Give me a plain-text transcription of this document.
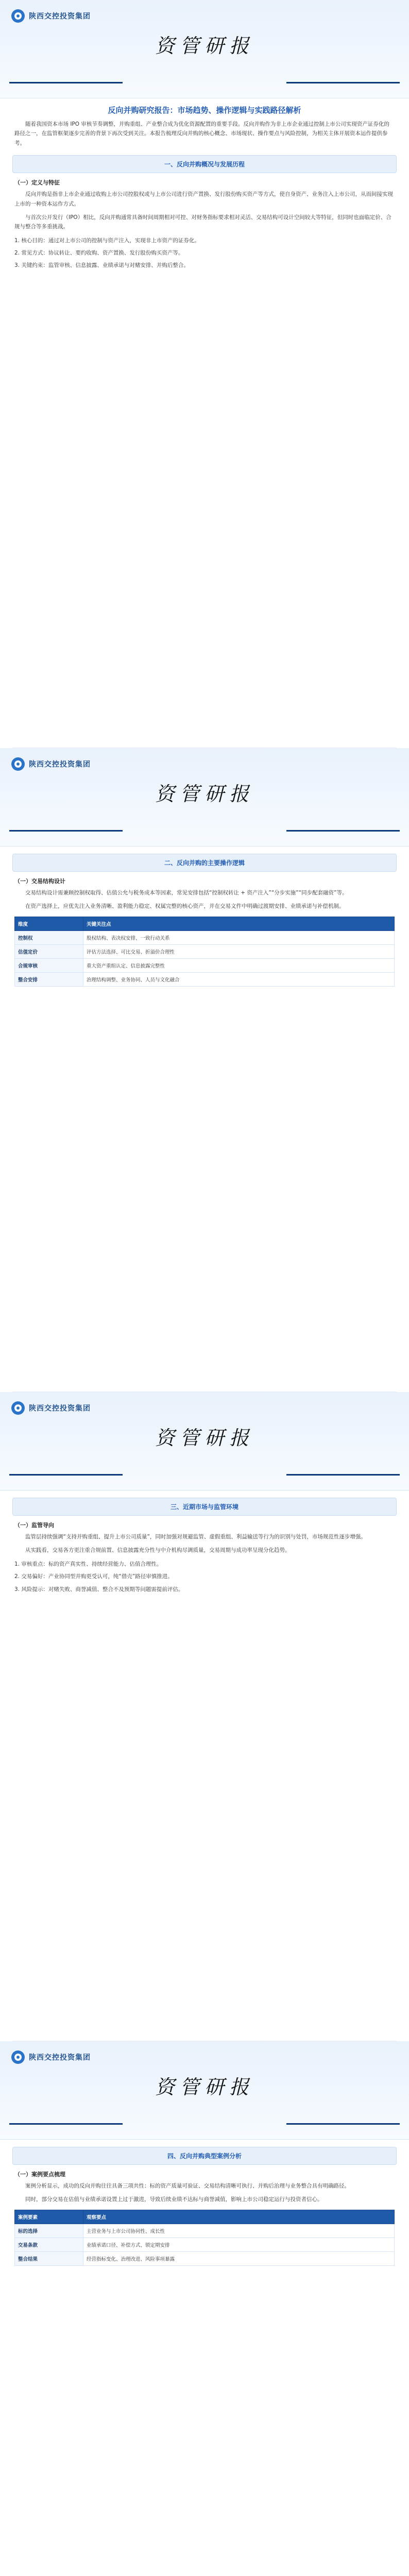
陕西交控投资集团
资管研报
反向并购研究报告：市场趋势、操作逻辑与实践路径解析
随着我国资本市场 IPO 审核节奏调整，并购重组、产业整合成为优化资源配置的重要手段。反向并购作为非上市企业通过控制上市公司实现资产证券化的路径之一，在监管框架逐步完善的背景下再次受到关注。本报告梳理反向并购的核心概念、市场现状、操作要点与风险控制，为相关主体开展资本运作提供参考。
一、反向并购概况与发展历程
（一）定义与特征
反向并购是指非上市企业通过收购上市公司控股权或与上市公司进行资产置换、发行股份购买资产等方式，使自身资产、业务注入上市公司，从而间接实现上市的一种资本运作方式。
与首次公开发行（IPO）相比，反向并购通常具备时间周期相对可控、对财务指标要求相对灵活、交易结构可设计空间较大等特征，但同时也面临定价、合规与整合等多重挑战。
1. 核心目的：通过对上市公司的控制与资产注入，实现非上市资产的证券化。
2. 常见方式：协议转让、要约收购、资产置换、发行股份购买资产等。
3. 关键约束：监管审核、信息披露、业绩承诺与对赌安排、并购后整合。
陕西交控投资集团
资管研报
二、反向并购的主要操作逻辑
（一）交易结构设计
交易结构设计需兼顾控制权取得、估值公允与税务成本等因素，常见安排包括“控制权转让 + 资产注入”“分步实施”“同步配套融资”等。
在资产选择上，应优先注入业务清晰、盈利能力稳定、权属完整的核心资产，并在交易文件中明确过渡期安排、业绩承诺与补偿机制。
维度	关键关注点
控制权	股权结构、表决权安排、一致行动关系
估值定价	评估方法选择、可比交易、折溢价合理性
合规审核	重大资产重组认定、信息披露完整性
整合安排	治理结构调整、业务协同、人员与文化融合
陕西交控投资集团
资管研报
三、近期市场与监管环境
（一）监管导向
监管层持续强调“支持并购重组、提升上市公司质量”，同时加强对规避监管、虚假重组、利益输送等行为的识别与处罚，市场规范性逐步增强。
从实践看，交易各方更注重合规前置、信息披露充分性与中介机构尽调质量，交易周期与成功率呈现分化趋势。
1. 审核重点：标的资产真实性、持续经营能力、估值合理性。
2. 交易偏好：产业协同型并购更受认可，纯“借壳”路径审慎推进。
3. 风险提示：对赌失败、商誉减值、整合不及预期等问题需提前评估。
陕西交控投资集团
资管研报
四、反向并购典型案例分析
（一）案例要点梳理
案例分析显示，成功的反向并购往往具备三项共性：标的资产质量可验证、交易结构清晰可执行、并购后治理与业务整合具有明确路径。
同时，部分交易在估值与业绩承诺设置上过于激进，导致后续业绩不达标与商誉减值，影响上市公司稳定运行与投资者信心。
案例要素	观察要点
标的选择	主营业务与上市公司协同性、成长性
交易条款	业绩承诺口径、补偿方式、锁定期安排
整合结果	经营指标变化、治理改进、风险事项暴露
